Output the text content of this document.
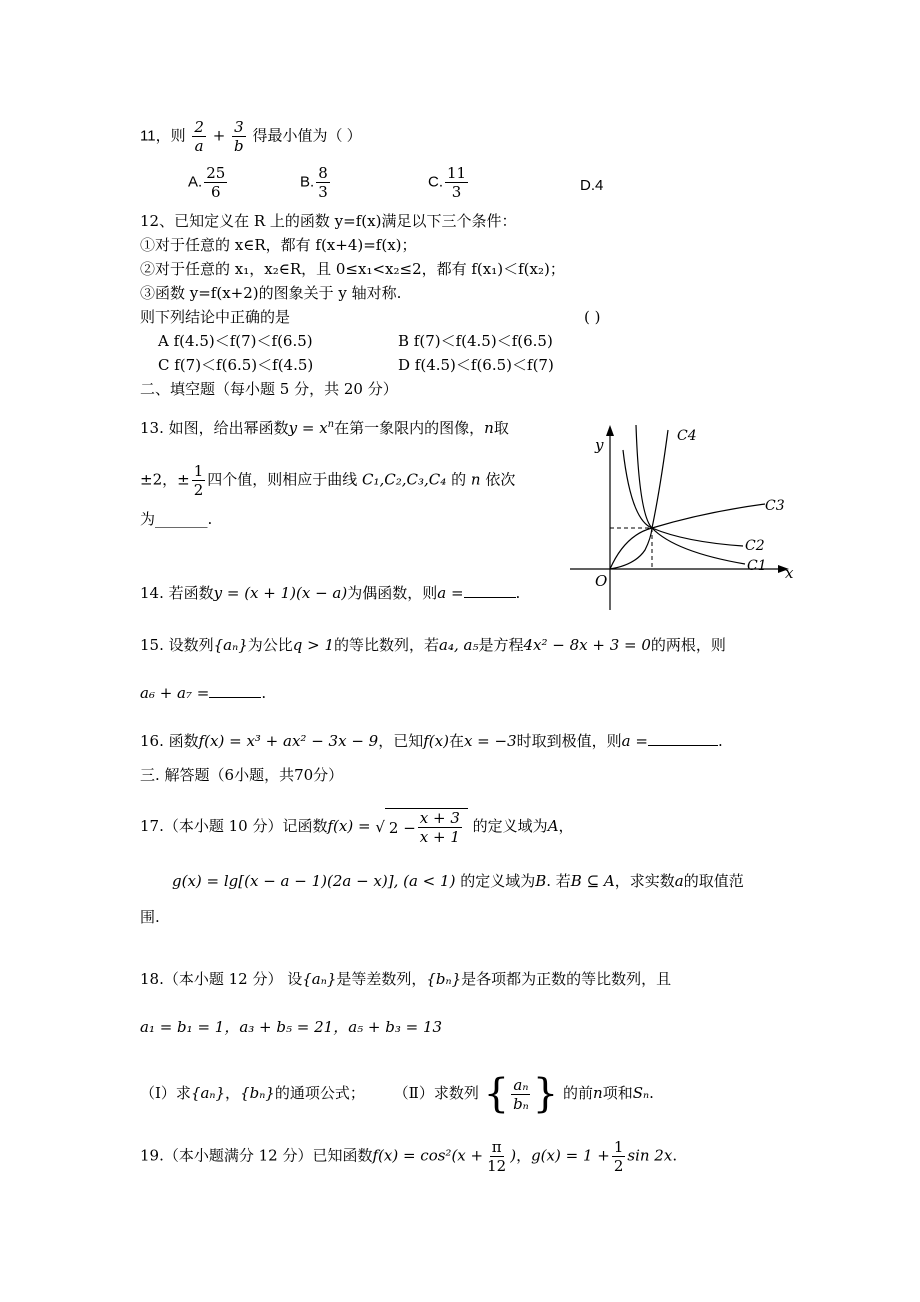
11，则 $\frac{2}{a} + \frac{3}{b}$ 得最小值为（ ）
A. $\frac{25}{6}$	B. $\frac{8}{3}$	C. $\frac{11}{3}$	D.4
12、已知定义在 R 上的函数 y=f(x)满足以下三个条件：
①对于任意的 x∈R，都有 f(x+4)=f(x)；
②对于任意的 x₁，x₂∈R，且 0≤x₁<x₂≤2，都有 f(x₁)＜f(x₂)；
③函数 y=f(x+2)的图象关于 y 轴对称.
则下列结论中正确的是	( )
A f(4.5)＜f(7)＜f(6.5)	B f(7)＜f(4.5)＜f(6.5)
C f(7)＜f(6.5)＜f(4.5)	D f(4.5)＜f(6.5)＜f(7)
二、填空题（每小题 5 分，共 20 分）
13. 如图，给出幂函数$y = x^n$在第一象限内的图像，n取
±2，± $\frac{1}{2}$ 四个值，则相应于曲线 C₁,C₂,C₃,C₄ 的 n 依次
为_______.
y
x
O
C4
C3
C2
C1
14. 若函数y = (x + 1)(x − a)为偶函数，则a =	.
15. 设数列{aₙ}为公比q > 1的等比数列，若a₄, a₅是方程4x² − 8x + 3 = 0的两根，则
a₆ + a₇ =	.
16. 函数f(x) = x³ + ax² − 3x − 9，已知f(x)在x = −3时取到极值，则a =	.
三. 解答题（6小题，共70分）
17.（本小题 10 分）记函数f(x) = √ $2 - \frac{x + 3}{x + 1}$ 的定义域为A，
g(x) = lg[(x − a − 1)(2a − x)], (a < 1) 的定义域为B. 若B ⊆ A，求实数a的取值范
围.
18.（本小题 12 分） 设{aₙ}是等差数列，{bₙ}是各项都为正数的等比数列，且
a₁ = b₁ = 1，a₃ + b₅ = 21，a₅ + b₃ = 13
（Ⅰ）求{aₙ}，{bₙ}的通项公式； （Ⅱ）求数列 { $\frac{\text{aₙ}}{\text{bₙ}}$ } 的前n项和Sₙ.
19.（本小题满分 12 分）已知函数$f(x) = \cos^2(x + \frac{\pi}{12}$ )，$g(x) = 1 + \frac{1}{2}$ sin 2x.
